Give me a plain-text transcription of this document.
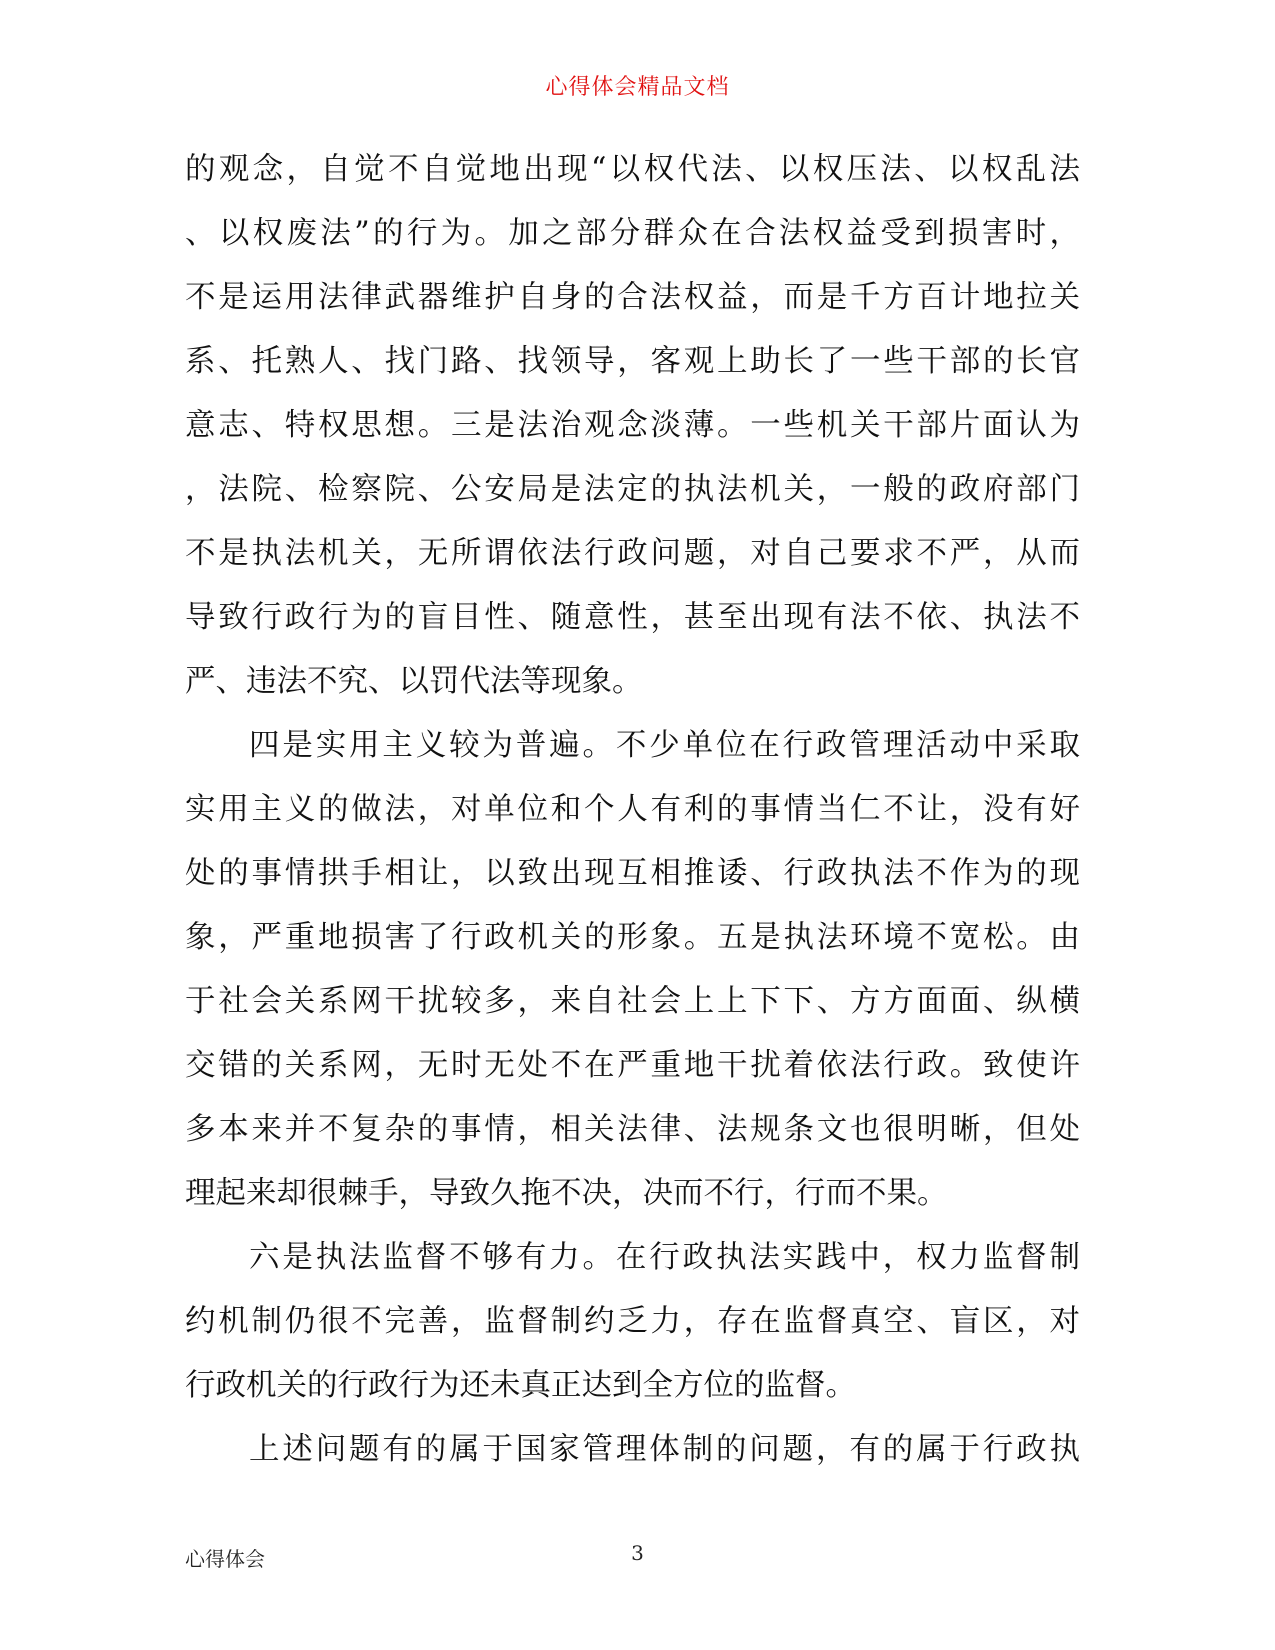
心得体会精品文档
的观念，自觉不自觉地出现“以权代法、以权压法、以权乱法
、以权废法”的行为。加之部分群众在合法权益受到损害时，
不是运用法律武器维护自身的合法权益，而是千方百计地拉关
系、托熟人、找门路、找领导，客观上助长了一些干部的长官
意志、特权思想。三是法治观念淡薄。一些机关干部片面认为
，法院、检察院、公安局是法定的执法机关，一般的政府部门
不是执法机关，无所谓依法行政问题，对自己要求不严，从而
导致行政行为的盲目性、随意性，甚至出现有法不依、执法不
严、违法不究、以罚代法等现象。
四是实用主义较为普遍。不少单位在行政管理活动中采取
实用主义的做法，对单位和个人有利的事情当仁不让，没有好
处的事情拱手相让，以致出现互相推诿、行政执法不作为的现
象，严重地损害了行政机关的形象。五是执法环境不宽松。由
于社会关系网干扰较多，来自社会上上下下、方方面面、纵横
交错的关系网，无时无处不在严重地干扰着依法行政。致使许
多本来并不复杂的事情，相关法律、法规条文也很明晰，但处
理起来却很棘手，导致久拖不决，决而不行，行而不果。
六是执法监督不够有力。在行政执法实践中，权力监督制
约机制仍很不完善，监督制约乏力，存在监督真空、盲区，对
行政机关的行政行为还未真正达到全方位的监督。
上述问题有的属于国家管理体制的问题，有的属于行政执
心得体会	3
